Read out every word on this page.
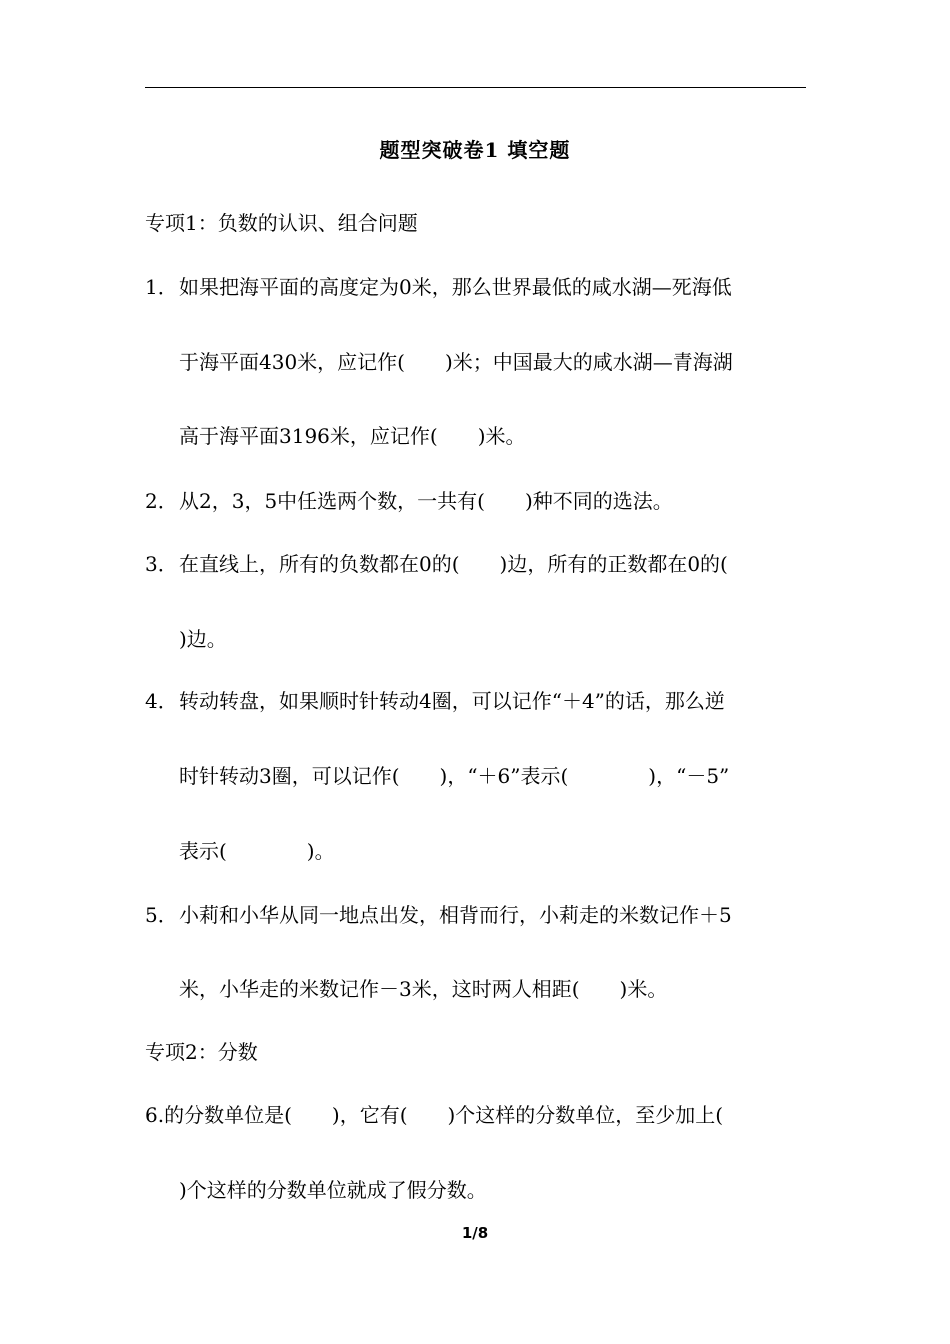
题型突破卷1 填空题
专项1：负数的认识、组合问题
1．如果把海平面的高度定为0米，那么世界最低的咸水湖—死海低
于海平面430米，应记作(　　)米；中国最大的咸水湖—青海湖
高于海平面3196米，应记作(　　)米。
2．从2，3，5中任选两个数，一共有(　　)种不同的选法。
3．在直线上，所有的负数都在0的(　　)边，所有的正数都在0的(
)边。
4．转动转盘，如果顺时针转动4圈，可以记作“＋4”的话，那么逆
时针转动3圈，可以记作(　　)，“＋6”表示(　　　　)，“－5”
表示(　　　　)。
5．小莉和小华从同一地点出发，相背而行，小莉走的米数记作＋5
米，小华走的米数记作－3米，这时两人相距(　　)米。
专项2：分数
6.的分数单位是(　　)，它有(　　)个这样的分数单位，至少加上(
)个这样的分数单位就成了假分数。
1/8
